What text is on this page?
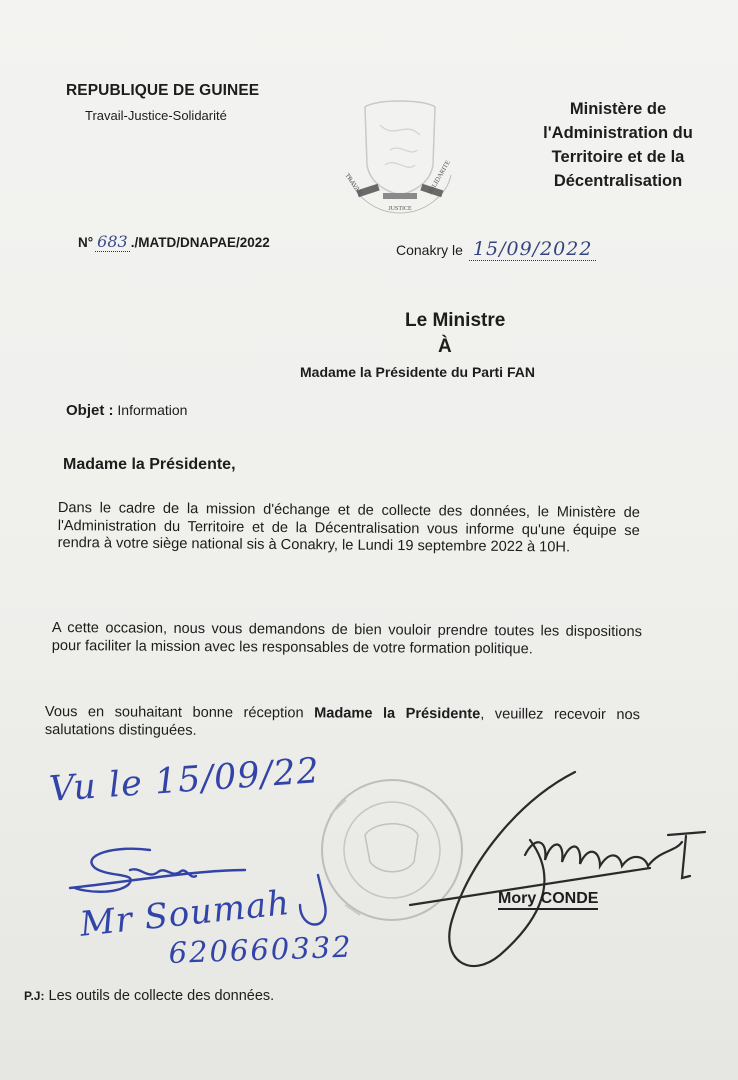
REPUBLIQUE DE GUINEE
Travail-Justice-Solidarité
TRAVAIL
JUSTICE
SOLIDARITE
Ministère de
l'Administration du
Territoire et de la
Décentralisation
N° 683 ./MATD/DNAPAE/2022	Conakry le 15/09/2022
Le Ministre
À
Madame la Présidente du Parti FAN
Objet : Information
Madame la Présidente,
Dans le cadre de la mission d'échange et de collecte des données, le Ministère de l'Administration du Territoire et de la Décentralisation vous informe qu'une équipe se rendra à votre siège national sis à Conakry, le Lundi 19 septembre 2022 à 10H.
A cette occasion, nous vous demandons de bien vouloir prendre toutes les dispositions pour faciliter la mission avec les responsables de votre formation politique.
Vous en souhaitant bonne réception Madame la Présidente, veuillez recevoir nos salutations distinguées.
Vu le 15/09/22
Mr Soumah
620660332
Mory CONDE
P.J: Les outils de collecte des données.
